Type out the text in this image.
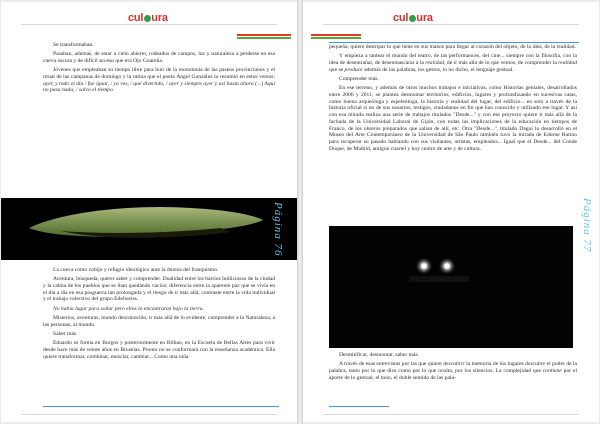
cul ura

Se transformaban.

Pasaban, además, de estar a cielo abierto, rodeados de campos, luz y naturaleza a perderse en esa cueva oscura y de difícil acceso que era Ojo Guareña.

Jóvenes que empleaban su tiempo libre para huir de la monotonía de las paseos provincianos y el ritual de las campanas de domingo y la rutina que el poeta Ángel González lo resumió en estos versos: ayer, y todo el día / fue igual, / ya ves, / qué divertido, / ayer y siempre ayer y así hasta ahora (...) Aquí no pasa nada, / salvo el tiempo.

Página 76

La cueva como cobijo y refugio ideológico ante la dureza del franquismo.

Aventura, búsqueda, querer saber y comprender. Dualidad entre los barrios bulliciosos de la ciudad y la calma de los pueblos que se iban quedando vacíos; diferencia entre la aparente paz que se vivía en el día a día en esa posguerra tan prolongada y el riesgo de ir más allá; contraste entre la vida individual y el trabajo colectivo del grupo Edelweiss.

No había lugar para soñar pero ellos lo encontraron bajo la tierra.

Misterios, aventuras, mundo desconocido, ir más allá de lo evidente, comprender a la Naturaleza, a las personas, al mundo.

Saber más.

Eduardo se forma en Burgos y posteriormente en Bilbao, en la Escuela de Bellas Artes para vivir desde hace más de veinte años en Bruselas. Pronto no se conformará con la enseñanza académica. Ella quiere transformar, combinar, mezclar, cambiar... Como una niña

cul ura

pequeña, quiere destripar lo que tiene en sus manos para llegar al corazón del objeto, de la idea, de la realidad.

Y empieza a tantear el mundo del teatro, de las performances, del cine... siempre con la filosofía, con la idea de desentrañar, de desenmascarar a la realidad, de ir más allá de lo que vemos, de comprender la realidad que se produce además de las palabras, los gestos, lo no dicho, el lenguaje gestual.

Comprender más.

En ese terreno, y además de otros muchos trabajos e iniciativas, como Historias geniales, desarrollados entre 2006 y 2011, se plantea desmontar territorios, edificios, lugares y profundizando en sucesivas catas, como buena arqueóloga y espeleóloga, la historia y realidad del lugar, del edificio... en solo a través de la historia oficial si no de sus usuarios, testigos, ciudadanos en fin que han conocido y utilizado ese lugar. Y así con esa mirada realiza una serie de trabajos titulados "Desde..." y con ese proyecto quiere ir más allá de la fachada de la Universidad Laboral de Gijón, con todas las implicaciones de la educación en tiempos de Franco, de los obreros preparados que salían de allí, etc. Otra "Desde...", titulado Dagui lo desarrolló en el Museo del Arte Contemporáneo de la Universidad de São Paulo también tuvo la mirada de Edorne Rutino para recuperar su pasado hablando con sus visitantes, artistas, empleados... Igual que el Desde... del Conde Duque, de Madrid, antiguo cuartel y hoy centro de arte y de cultura.

Página 77

Desmitificar, desmontar, saber más.

A través de esas entrevistas por las que quiere descubrir la memoria de los lugares descubre el poder de la palabra, tanto por lo que dice como por lo que oculta, por los silencios. La complejidad que contiene por el aporte de lo gestual, el tono, el doble sentido de las pala-
